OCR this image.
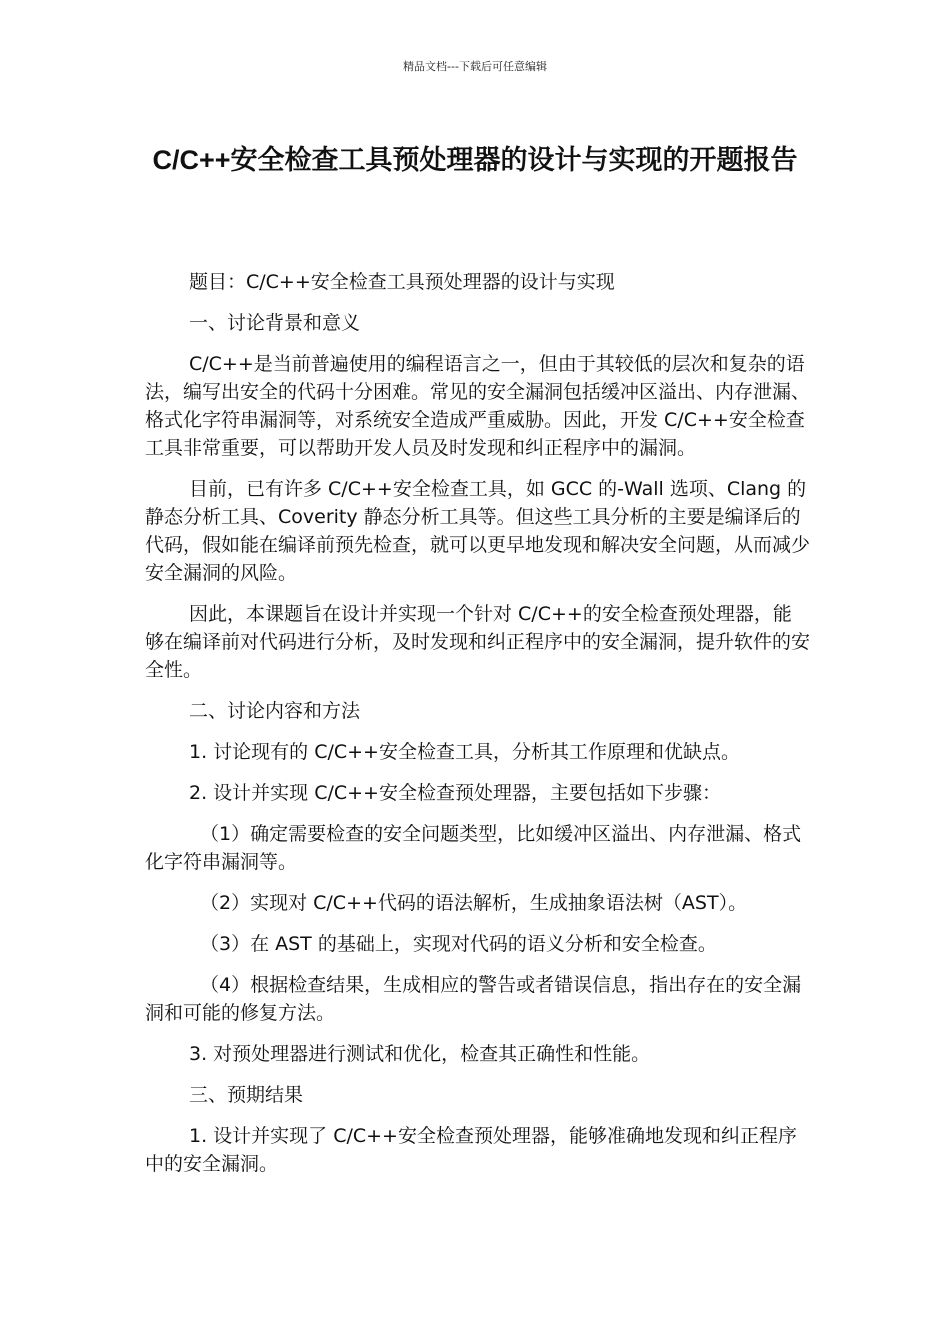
精品文档---下载后可任意编辑
C/C++安全检查工具预处理器的设计与实现的开题报告

题目：C/C++安全检查工具预处理器的设计与实现

一、讨论背景和意义

C/C++是当前普遍使用的编程语言之一，但由于其较低的层次和复杂的语法，编写出安全的代码十分困难。常见的安全漏洞包括缓冲区溢出、内存泄漏、格式化字符串漏洞等，对系统安全造成严重威胁。因此，开发 C/C++安全检查工具非常重要，可以帮助开发人员及时发现和纠正程序中的漏洞。

目前，已有许多 C/C++安全检查工具，如 GCC 的-Wall 选项、Clang 的静态分析工具、Coverity 静态分析工具等。但这些工具分析的主要是编译后的代码，假如能在编译前预先检查，就可以更早地发现和解决安全问题，从而减少安全漏洞的风险。

因此，本课题旨在设计并实现一个针对 C/C++的安全检查预处理器，能够在编译前对代码进行分析，及时发现和纠正程序中的安全漏洞，提升软件的安全性。

二、讨论内容和方法

1. 讨论现有的 C/C++安全检查工具，分析其工作原理和优缺点。

2. 设计并实现 C/C++安全检查预处理器，主要包括如下步骤：

（1）确定需要检查的安全问题类型，比如缓冲区溢出、内存泄漏、格式化字符串漏洞等。

（2）实现对 C/C++代码的语法解析，生成抽象语法树（AST）。

（3）在 AST 的基础上，实现对代码的语义分析和安全检查。

（4）根据检查结果，生成相应的警告或者错误信息，指出存在的安全漏洞和可能的修复方法。

3. 对预处理器进行测试和优化，检查其正确性和性能。

三、预期结果

1. 设计并实现了 C/C++安全检查预处理器，能够准确地发现和纠正程序中的安全漏洞。
